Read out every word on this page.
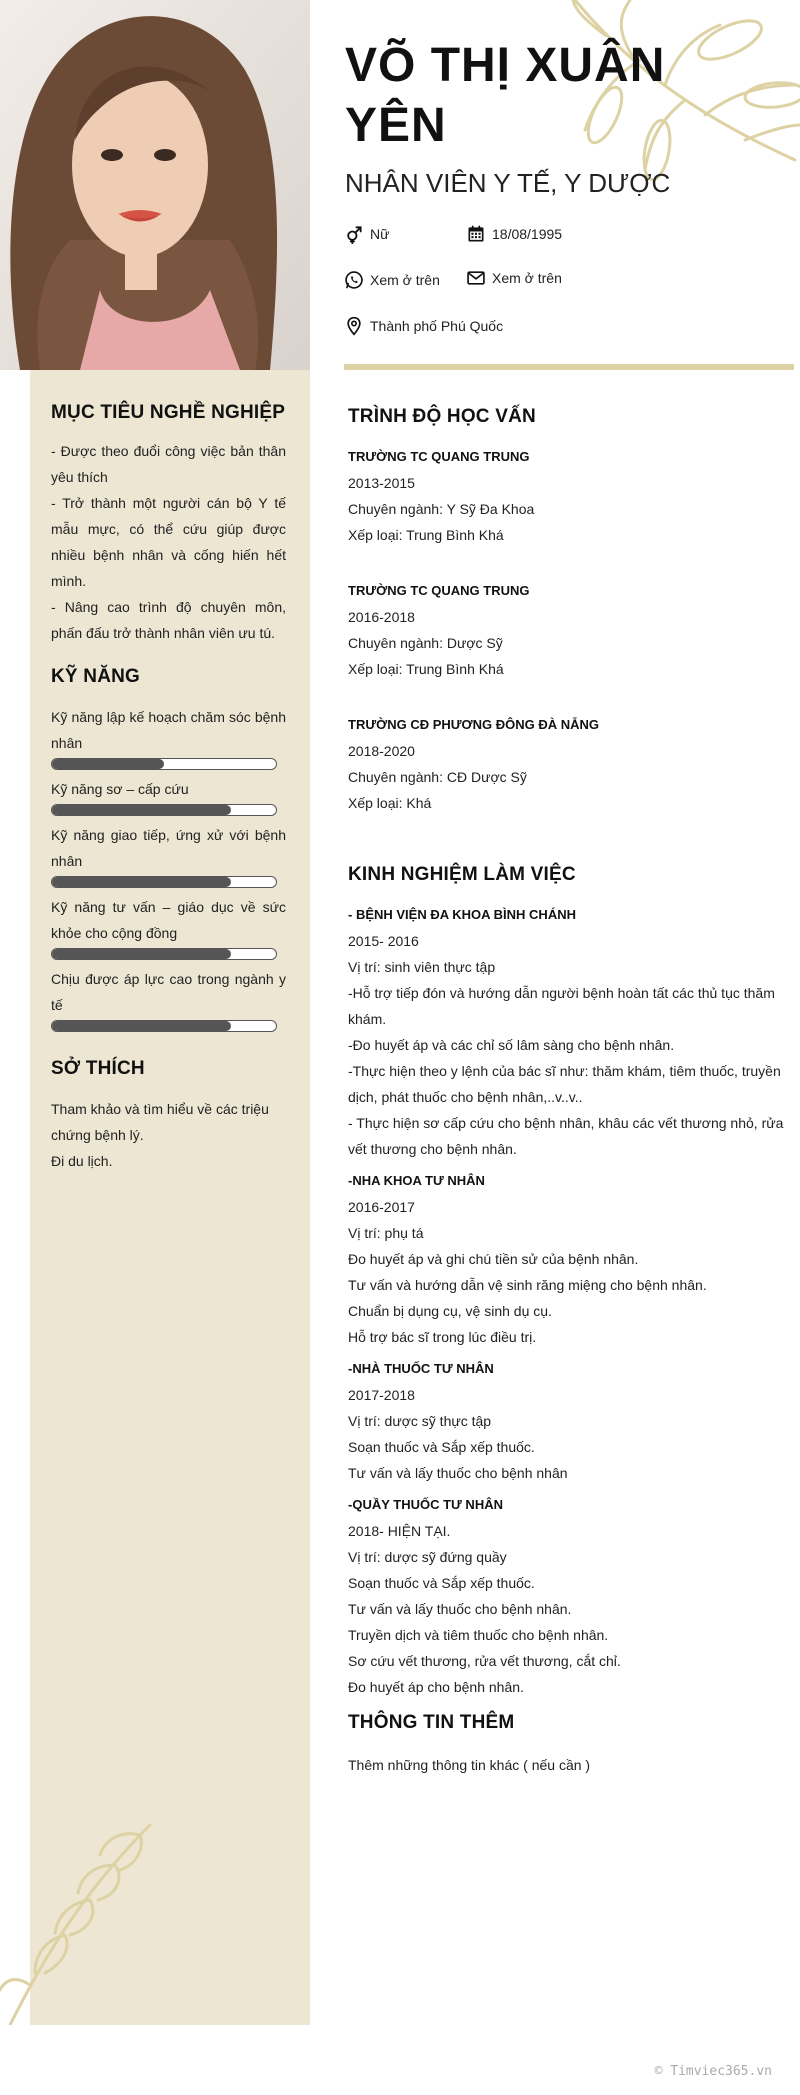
MỤC TIÊU NGHỀ NGHIỆP

- Được theo đuổi công việc bản thân yêu thích

- Trở thành một người cán bộ Y tế mẫu mực, có thể cứu giúp được nhiều bệnh nhân và cống hiến hết mình.

- Nâng cao trình độ chuyên môn, phấn đấu trở thành nhân viên ưu tú.

KỸ NĂNG
Kỹ năng lập kế hoạch chăm sóc bệnh nhân
Kỹ năng sơ – cấp cứu
Kỹ năng giao tiếp, ứng xử với bệnh nhân
Kỹ năng tư vấn – giáo dục về sức khỏe cho cộng đồng
Chịu được áp lực cao trong ngành y tế
SỞ THÍCH

Tham khảo và tìm hiểu về các triệu chứng bệnh lý.

Đi du lịch.

VÕ THỊ XUÂN YÊN
NHÂN VIÊN Y TẾ, Y DƯỢC
Nữ	18/08/1995
Xem ở trên	Xem ở trên
Thành phố Phú Quốc
TRÌNH ĐỘ HỌC VẤN
TRƯỜNG TC QUANG TRUNG
2013-2015
Chuyên ngành: Y Sỹ Đa Khoa
Xếp loại: Trung Bình Khá
TRƯỜNG TC QUANG TRUNG
2016-2018
Chuyên ngành: Dược Sỹ
Xếp loại: Trung Bình Khá
TRƯỜNG CĐ PHƯƠNG ĐÔNG ĐÀ NẴNG
2018-2020
Chuyên ngành: CĐ Dược Sỹ
Xếp loại: Khá
KINH NGHIỆM LÀM VIỆC
- BỆNH VIỆN ĐA KHOA BÌNH CHÁNH
2015- 2016
Vị trí: sinh viên thực tập
-Hỗ trợ tiếp đón và hướng dẫn người bệnh hoàn tất các thủ tục thăm khám.
-Đo huyết áp và các chỉ số lâm sàng cho bệnh nhân.
-Thực hiện theo y lệnh của bác sĩ như: thăm khám, tiêm thuốc, truyền dịch, phát thuốc cho bệnh nhân,..v..v..
- Thực hiện sơ cấp cứu cho bệnh nhân, khâu các vết thương nhỏ, rửa vết thương cho bệnh nhân.
-NHA KHOA TƯ NHÂN
2016-2017
Vị trí: phụ tá
Đo huyết áp và ghi chú tiền sử của bệnh nhân.
Tư vấn và hướng dẫn vệ sinh răng miệng cho bệnh nhân.
Chuẩn bị dụng cụ, vệ sinh dụ cụ.
Hỗ trợ bác sĩ trong lúc điều trị.
-NHÀ THUỐC TƯ NHÂN
2017-2018
Vị trí: dược sỹ thực tập
Soạn thuốc và Sắp xếp thuốc.
Tư vấn và lấy thuốc cho bệnh nhân
-QUẦY THUỐC TƯ NHÂN
2018- HIỆN TẠI.
Vị trí: dược sỹ đứng quầy
Soạn thuốc và Sắp xếp thuốc.
Tư vấn và lấy thuốc cho bệnh nhân.
Truyền dịch và tiêm thuốc cho bệnh nhân.
Sơ cứu vết thương, rửa vết thương, cắt chỉ.
Đo huyết áp cho bệnh nhân.
THÔNG TIN THÊM

Thêm những thông tin khác ( nếu cần )

© Timviec365.vn
